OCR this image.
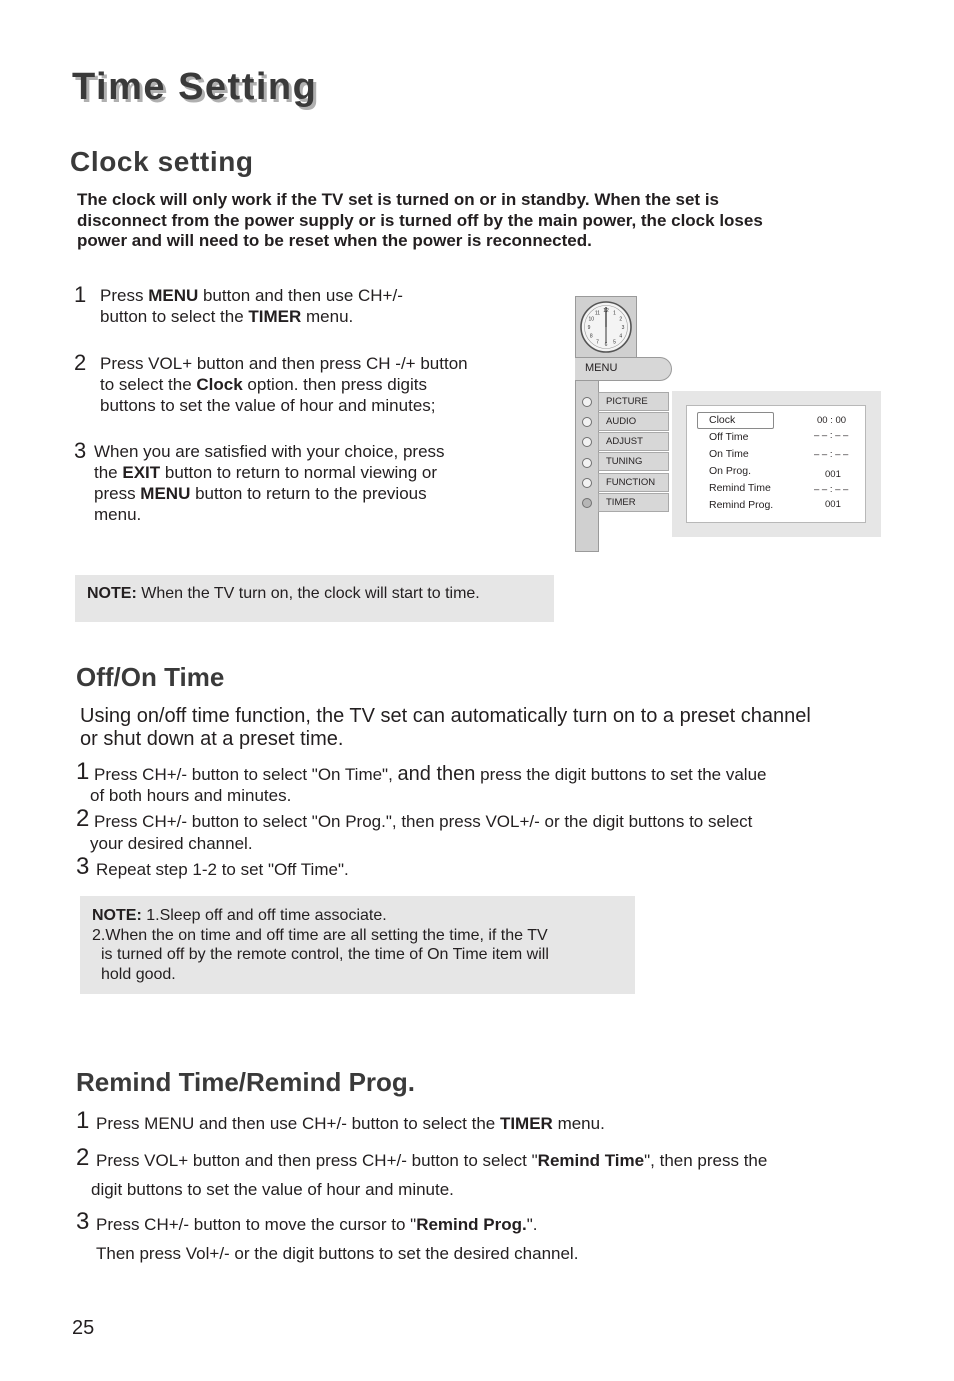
Time Setting
Clock setting
The clock will only work if the TV set is turned on or in standby. When the set is
disconnect from the power supply or is turned off by the main power, the clock loses
power and will need to be reset when the power is reconnected.
1 Press MENU button and then use CH+/-
button to select the TIMER menu.
2 Press VOL+ button and then press CH -/+ button
to select the Clock option. then press digits
buttons to set the value of hour and minutes;
3 When you are satisfied with your choice, press
the EXIT button to return to normal viewing or
press MENU button to return to the previous
menu.
NOTE: When the TV turn on, the clock will start to time.
12 1
2
3
4
5
6
7
8
9
10
11
MENU
PICTURE
AUDIO
ADJUST
TUNING
FUNCTION
TIMER
Clock	00 : 00
Off Time	– – : – –
On Time	– – : – –
On Prog.	001
Remind Time	– – : – –
Remind Prog.	001
Off/On Time
Using on/off time function, the TV set can automatically turn on to a preset channel
or shut down at a preset time.
1 Press CH+/- button to select "On Time", and then press the digit buttons to set the value
of both hours and minutes.
2 Press CH+/- button to select "On Prog.", then press VOL+/- or the digit buttons to select
your desired channel.
3 Repeat step 1-2 to set "Off Time".
NOTE: 1.Sleep off and off time associate.
2.When the on time and off time are all setting the time, if the TV
is turned off by the remote control, the time of On Time item will
hold good.
Remind Time/Remind Prog.
1 Press MENU and then use CH+/- button to select the TIMER menu.
2 Press VOL+ button and then press CH+/- button to select "Remind Time", then press the
digit buttons to set the value of hour and minute.
3 Press CH+/- button to move the cursor to "Remind Prog.".
Then press Vol+/- or the digit buttons to set the desired channel.
25
